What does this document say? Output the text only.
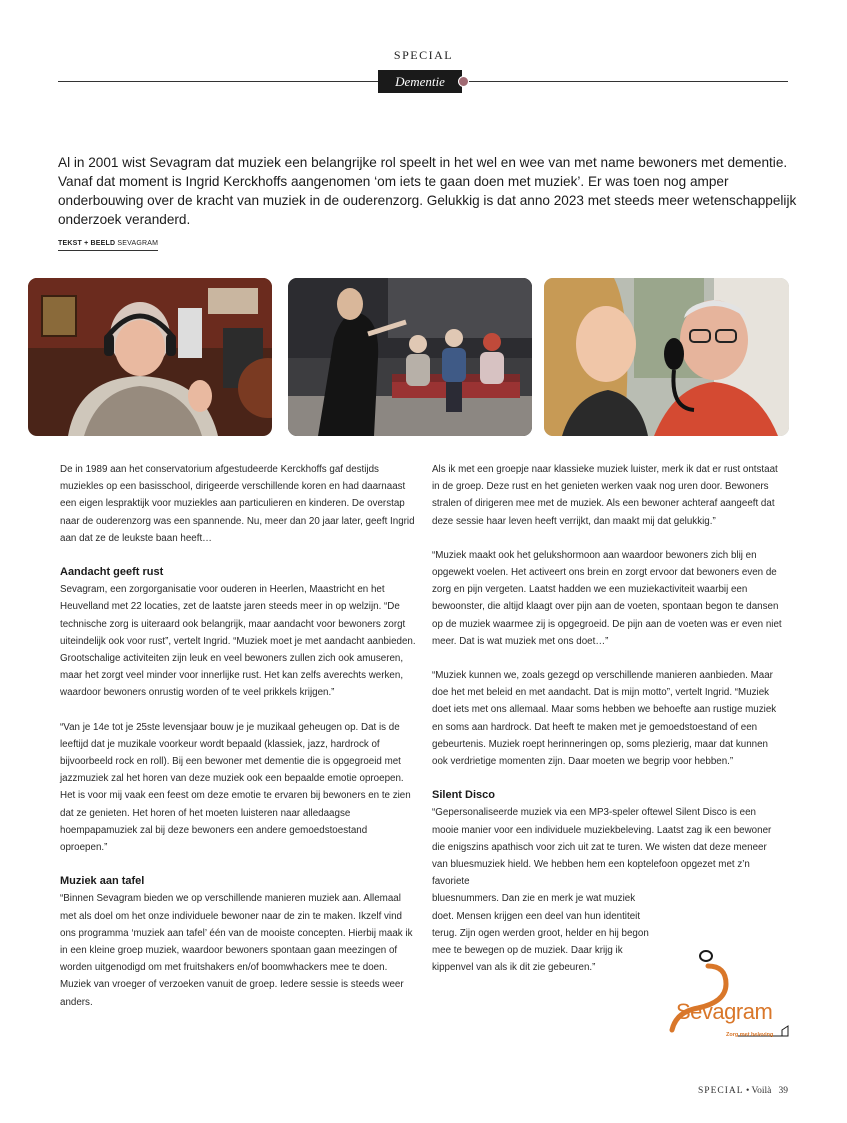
SPECIAL
Dementie
Al in 2001 wist Sevagram dat muziek een belangrijke rol speelt in het wel en wee van met name bewoners met dementie. Vanaf dat moment is Ingrid Kerckhoffs aangenomen ‘om iets te gaan doen met muziek’. Er was toen nog amper onderbouwing over de kracht van muziek in de ouderenzorg. Gelukkig is dat anno 2023 met steeds meer wetenschappelijk onderzoek veranderd.
TEKST + BEELD SEVAGRAM

De in 1989 aan het conservatorium afgestudeerde Kerckhoffs gaf destijds muziekles op een basisschool, dirigeerde verschillende koren en had daarnaast een eigen lespraktijk voor muziekles aan particulieren en kinderen. De overstap naar de ouderenzorg was een spannende. Nu, meer dan 20 jaar later, geeft Ingrid aan dat ze de leukste baan heeft…

Aandacht geeft rust

Sevagram, een zorgorganisatie voor ouderen in Heerlen, Maastricht en het Heuvelland met 22 locaties, zet de laatste jaren steeds meer in op welzijn. “De technische zorg is uiteraard ook belangrijk, maar aandacht voor bewoners zorgt uiteindelijk ook voor rust”, vertelt Ingrid. “Muziek moet je met aandacht aanbieden. Grootschalige activiteiten zijn leuk en veel bewoners zullen zich ook amuseren, maar het zorgt veel minder voor innerlijke rust. Het kan zelfs averechts werken, waardoor bewoners onrustig worden of te veel prikkels krijgen.”

“Van je 14e tot je 25ste levensjaar bouw je je muzikaal geheugen op. Dat is de leeftijd dat je muzikale voorkeur wordt bepaald (klassiek, jazz, hardrock of bijvoorbeeld rock en roll). Bij een bewoner met dementie die is opgegroeid met jazzmuziek zal het horen van deze muziek ook een bepaalde emotie oproepen. Het is voor mij vaak een feest om deze emotie te ervaren bij bewoners en te zien dat ze genieten. Het horen of het moeten luisteren naar alledaagse hoempapamuziek zal bij deze bewoners een andere gemoedstoestand oproepen.”

Muziek aan tafel

“Binnen Sevagram bieden we op verschillende manieren muziek aan. Allemaal met als doel om het onze individuele bewoner naar de zin te maken. Ikzelf vind ons programma ‘muziek aan tafel’ één van de mooiste concepten. Hierbij maak ik in een kleine groep muziek, waardoor bewoners spontaan gaan meezingen of worden uitgenodigd om met fruitshakers en/of boomwhackers mee te doen. Muziek van vroeger of verzoeken vanuit de groep. Iedere sessie is steeds weer anders.

Als ik met een groepje naar klassieke muziek luister, merk ik dat er rust ontstaat in de groep. Deze rust en het genieten werken vaak nog uren door. Bewoners stralen of dirigeren mee met de muziek. Als een bewoner achteraf aangeeft dat deze sessie haar leven heeft verrijkt, dan maakt mij dat gelukkig.”

“Muziek maakt ook het gelukshormoon aan waardoor bewoners zich blij en opgewekt voelen. Het activeert ons brein en zorgt ervoor dat bewoners even de zorg en pijn vergeten. Laatst hadden we een muziekactiviteit waarbij een bewoonster, die altijd klaagt over pijn aan de voeten, spontaan begon te dansen op de muziek waarmee zij is opgegroeid. De pijn aan de voeten was er even niet meer. Dat is wat muziek met ons doet…”

“Muziek kunnen we, zoals gezegd op verschillende manieren aanbieden. Maar doe het met beleid en met aandacht. Dat is mijn motto”, vertelt Ingrid. “Muziek doet iets met ons allemaal. Maar soms hebben we behoefte aan rustige muziek en soms aan hardrock. Dat heeft te maken met je gemoedstoestand of een gebeurtenis. Muziek roept herinneringen op, soms plezierig, maar dat kunnen ook verdrietige momenten zijn. Daar moeten we begrip voor hebben.”

Silent Disco

“Gepersonaliseerde muziek via een MP3-speler oftewel Silent Disco is een mooie manier voor een individuele muziekbeleving. Laatst zag ik een bewoner die enigszins apathisch voor zich uit zat te turen. We wisten dat deze meneer van bluesmuziek hield. We hebben hem een koptelefoon opgezet met z’n favoriete

bluesnummers. Dan zie en merk je wat muziek doet. Mensen krijgen een deel van hun identiteit terug. Zijn ogen werden groot, helder en hij begon mee te bewegen op de muziek. Daar krijg ik kippenvel van als ik dit zie gebeuren.”

Sevagram
Zorg met beleving
SPECIAL • Voilà 39
